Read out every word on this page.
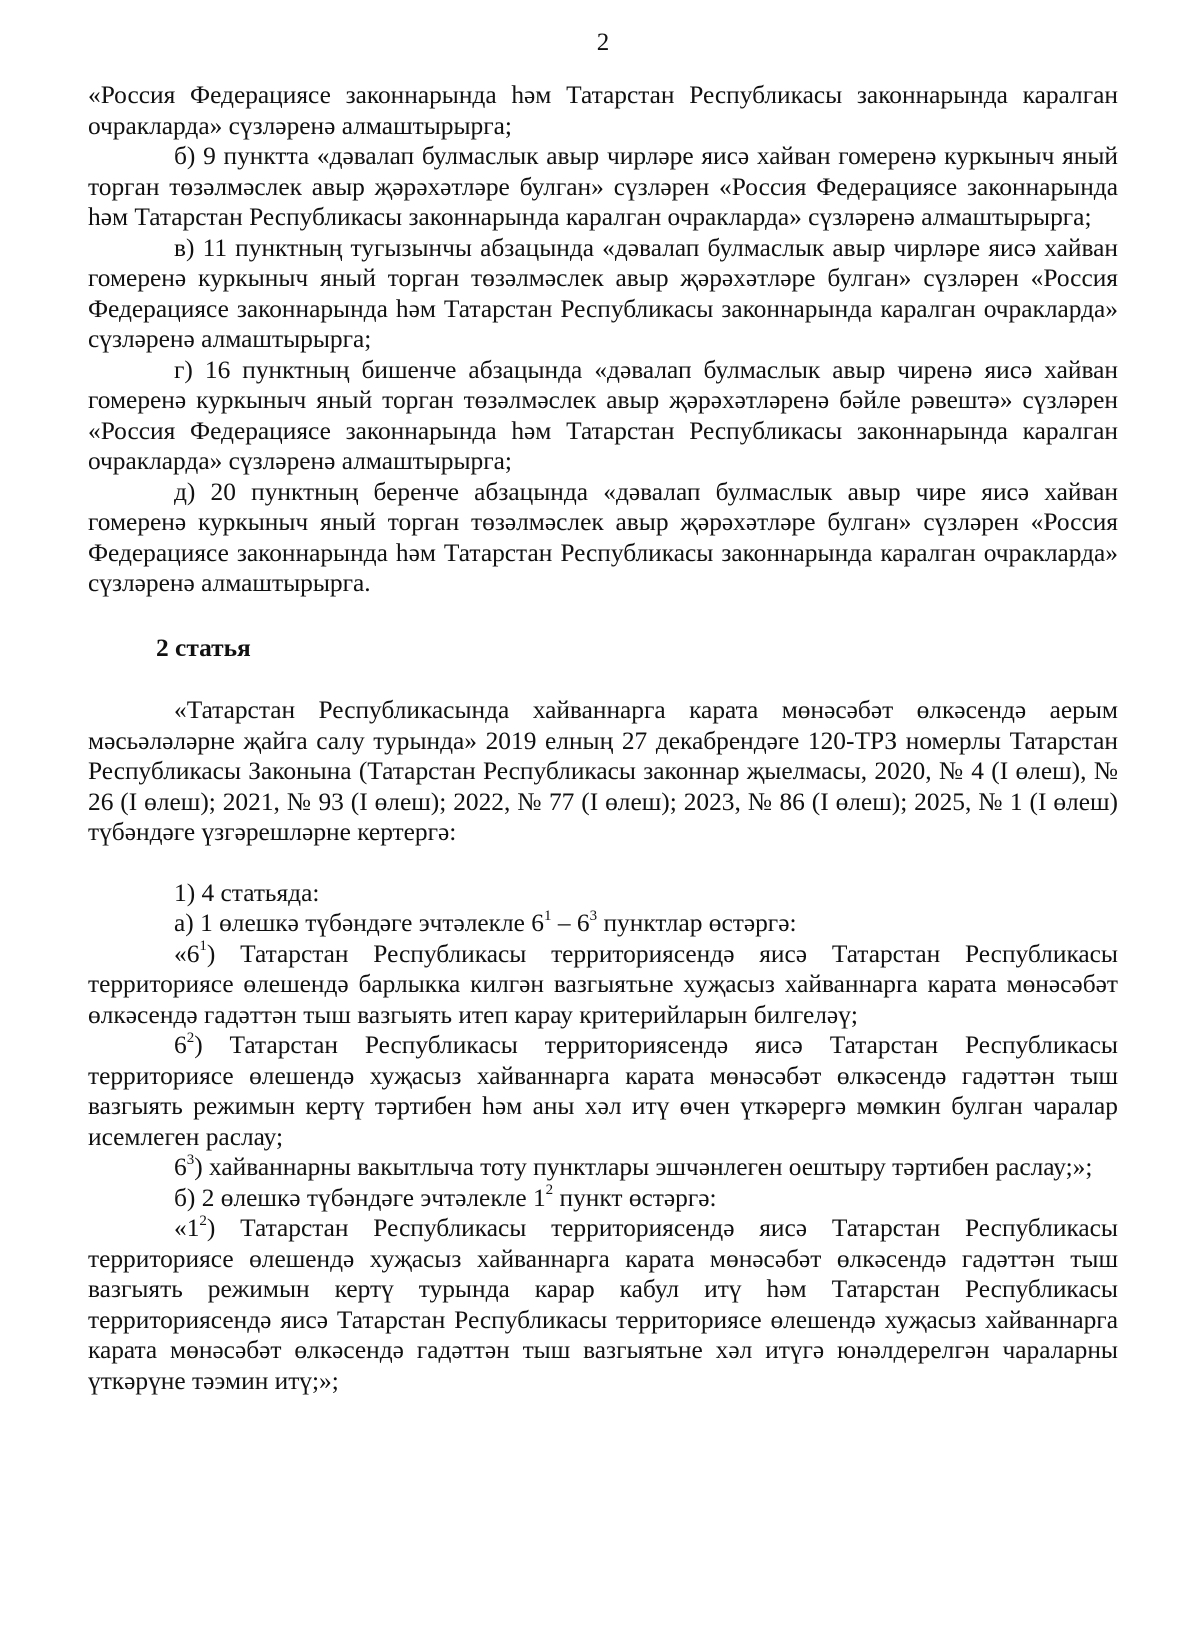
2

«Россия Федерациясе законнарында һәм Татарстан Республикасы законнарында каралган очракларда» сүзләренә алмаштырырга;

б) 9 пунктта «дәвалап булмаслык авыр чирләре яисә хайван гомеренә куркыныч яный торган төзәлмәслек авыр җәрәхәтләре булган» сүзләрен «Россия Федерациясе законнарында һәм Татарстан Республикасы законнарында каралган очракларда» сүзләренә алмаштырырга;

в) 11 пунктның тугызынчы абзацында «дәвалап булмаслык авыр чирләре яисә хайван гомеренә куркыныч яный торган төзәлмәслек авыр җәрәхәтләре булган» сүзләрен «Россия Федерациясе законнарында һәм Татарстан Республикасы законнарында каралган очракларда» сүзләренә алмаштырырга;

г) 16 пунктның бишенче абзацында «дәвалап булмаслык авыр чиренә яисә хайван гомеренә куркыныч яный торган төзәлмәслек авыр җәрәхәтләренә бәйле рәвештә» сүзләрен «Россия Федерациясе законнарында һәм Татарстан Республикасы законнарында каралган очракларда» сүзләренә алмаштырырга;

д) 20 пунктның беренче абзацында «дәвалап булмаслык авыр чире яисә хайван гомеренә куркыныч яный торган төзәлмәслек авыр җәрәхәтләре булган» сүзләрен «Россия Федерациясе законнарында һәм Татарстан Республикасы законнарында каралган очракларда» сүзләренә алмаштырырга.

2 статья

«Татарстан Республикасында хайваннарга карата мөнәсәбәт өлкәсендә аерым мәсьәләләрне җайга салу турында» 2019 елның 27 декабрендәге 120-ТРЗ номерлы Татарстан Республикасы Законына (Татарстан Республикасы законнар җыелмасы, 2020, № 4 (I өлеш), № 26 (I өлеш); 2021, № 93 (I өлеш); 2022, № 77 (I өлеш); 2023, № 86 (I өлеш); 2025, № 1 (I өлеш) түбәндәге үзгәрешләрне кертергә:

1) 4 статьяда:

а) 1 өлешкә түбәндәге эчтәлекле $6^1 - 6^3$ пунктлар өстәргә:

«$6^1$) Татарстан Республикасы территориясендә яисә Татарстан Республикасы территориясе өлешендә барлыкка килгән вазгыятьне хуҗасыз хайваннарга карата мөнәсәбәт өлкәсендә гадәттән тыш вазгыять итеп карау критерийларын билгеләү;

$6^2$) Татарстан Республикасы территориясендә яисә Татарстан Республикасы территориясе өлешендә хуҗасыз хайваннарга карата мөнәсәбәт өлкәсендә гадәттән тыш вазгыять режимын кертү тәртибен һәм аны хәл итү өчен үткәрергә мөмкин булган чаралар исемлеген раслау;

$6^3$) хайваннарны вакытлыча тоту пунктлары эшчәнлеген оештыру тәртибен раслау;»;

б) 2 өлешкә түбәндәге эчтәлекле $1^2$ пункт өстәргә:

«$1^2$) Татарстан Республикасы территориясендә яисә Татарстан Республикасы территориясе өлешендә хуҗасыз хайваннарга карата мөнәсәбәт өлкәсендә гадәттән тыш вазгыять режимын кертү турында карар кабул итү һәм Татарстан Республикасы территориясендә яисә Татарстан Республикасы территориясе өлешендә хуҗасыз хайваннарга карата мөнәсәбәт өлкәсендә гадәттән тыш вазгыятьне хәл итүгә юнәлдерелгән чараларны үткәрүне тәэмин итү;»;
